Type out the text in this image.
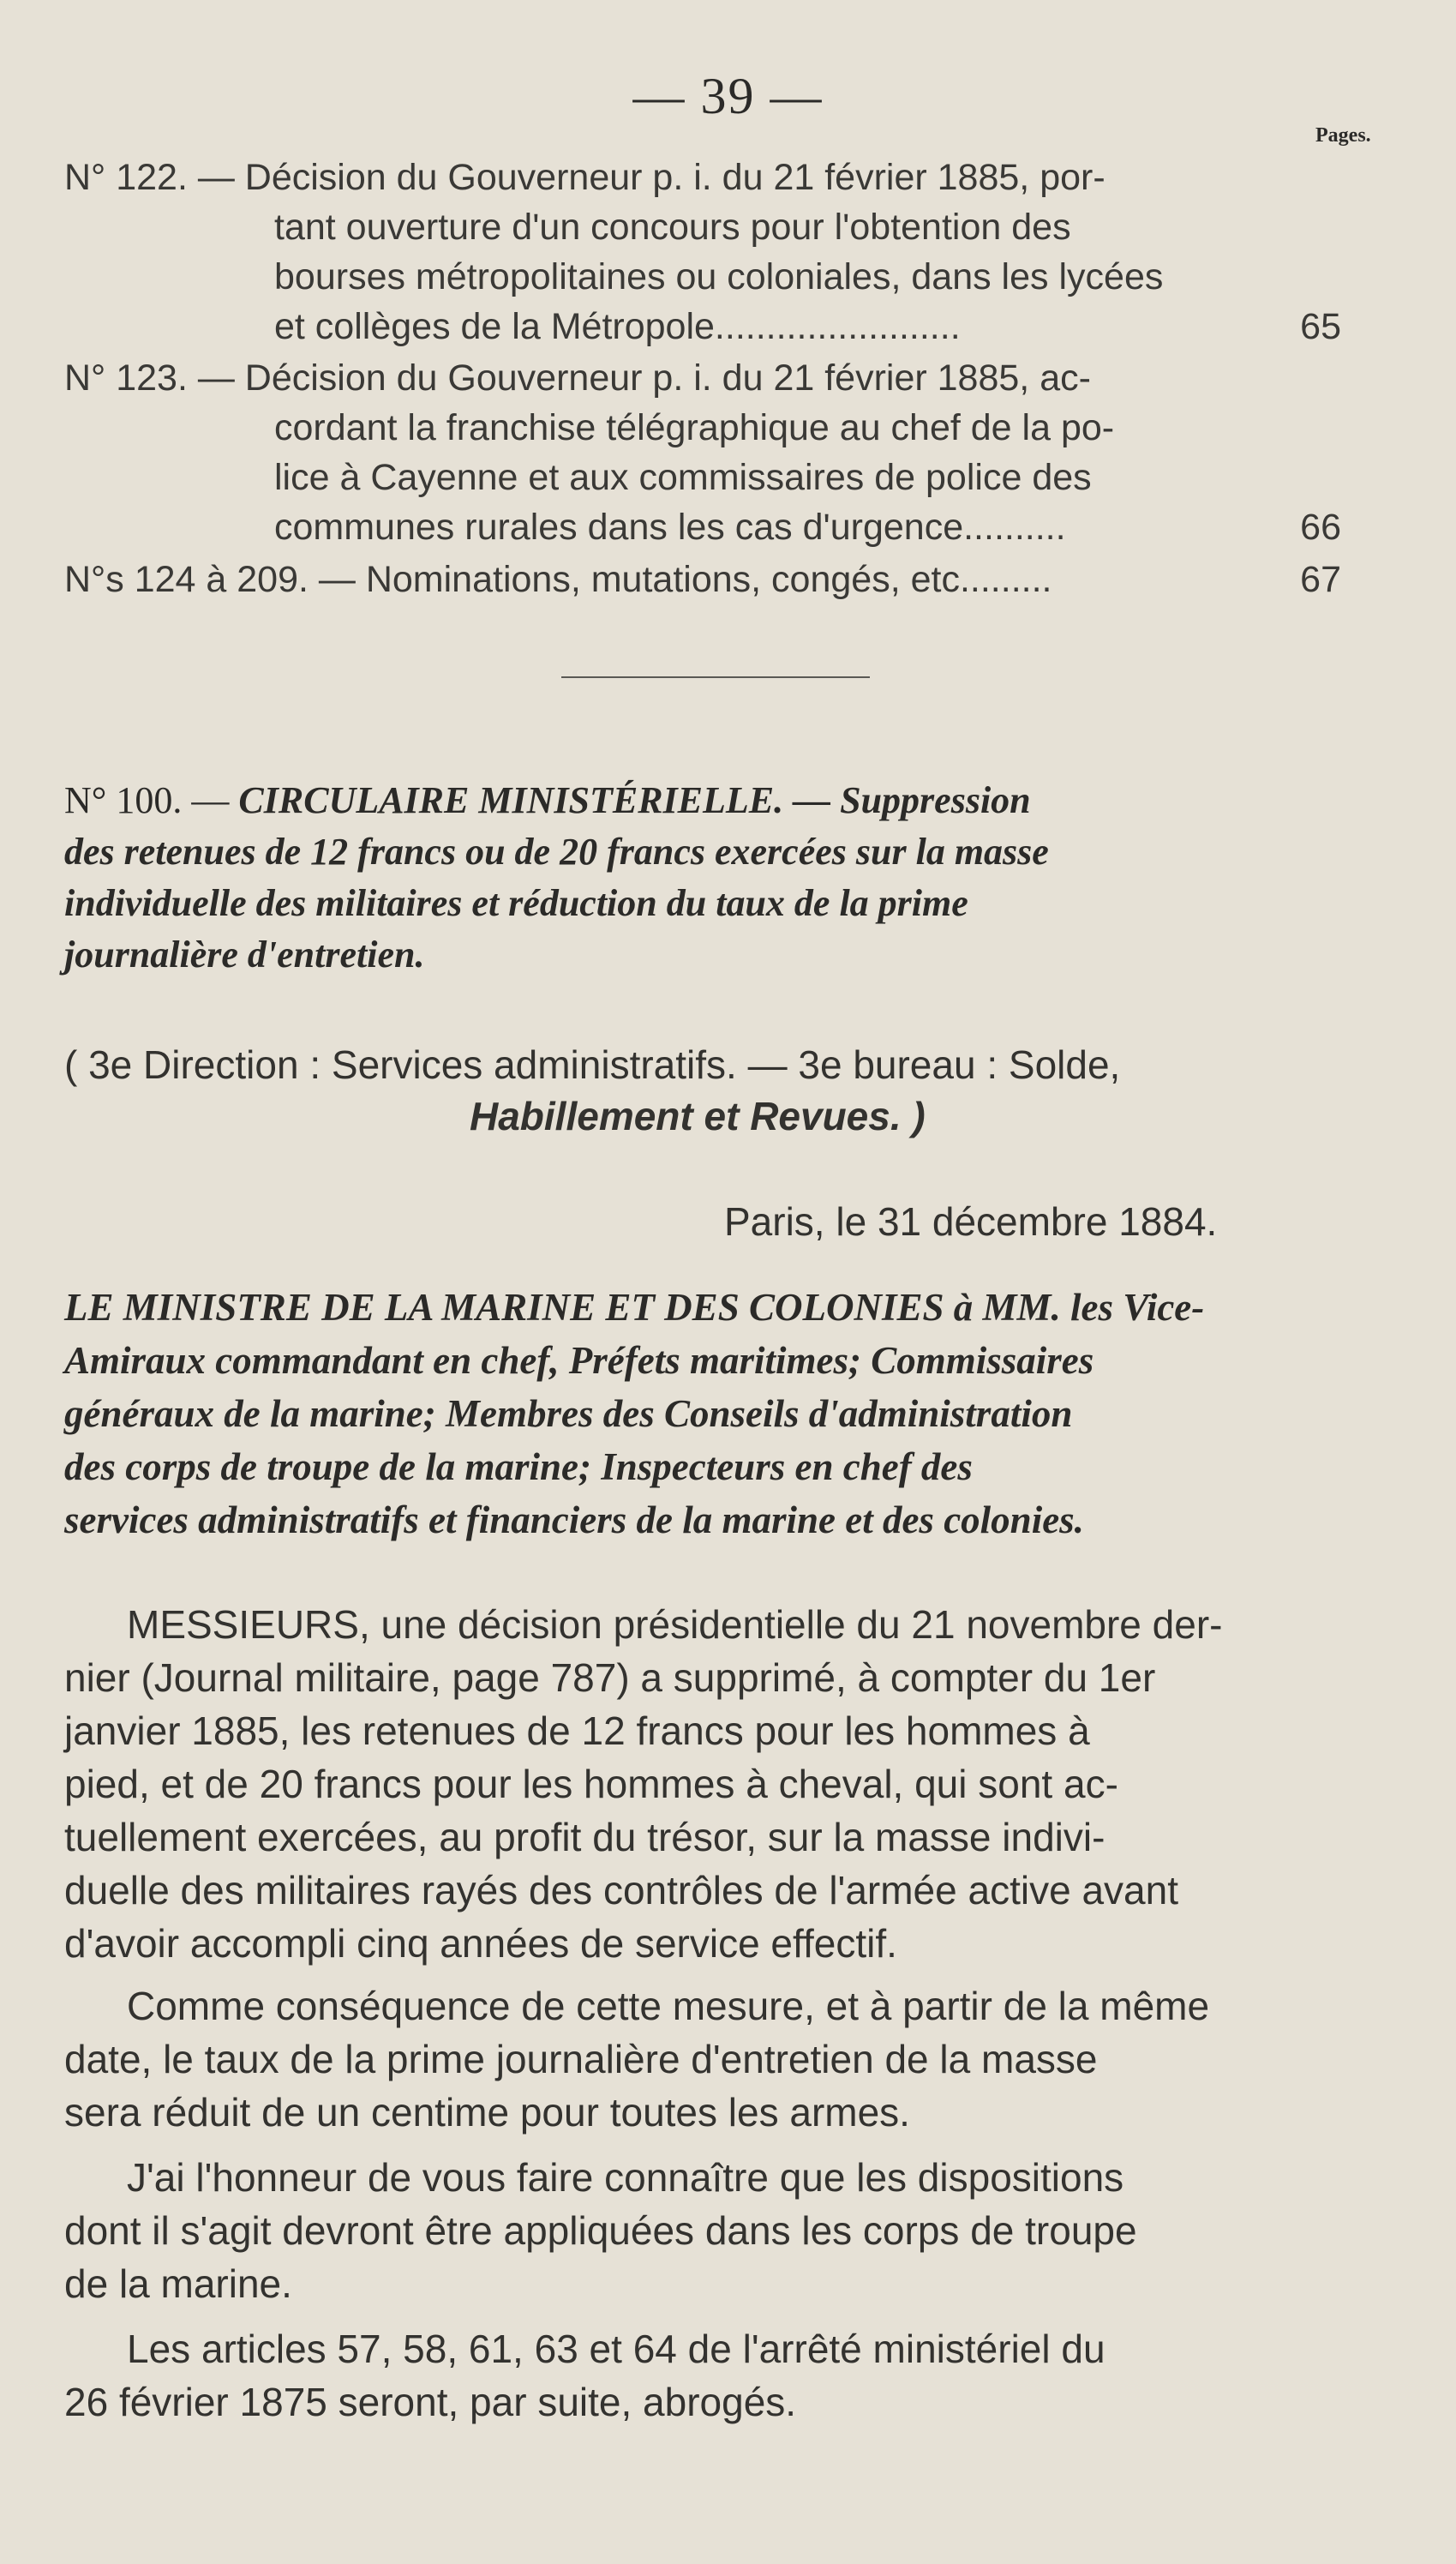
— 39 —
Pages.
N° 122. — Décision du Gouverneur p. i. du 21 février 1885, por-
tant ouverture d'un concours pour l'obtention des
bourses métropolitaines ou coloniales, dans les lycées
et collèges de la Métropole........................	65
N° 123. — Décision du Gouverneur p. i. du 21 février 1885, ac-
cordant la franchise télégraphique au chef de la po-
lice à Cayenne et aux commissaires de police des
communes rurales dans les cas d'urgence..........	66
N°s 124 à 209. — Nominations, mutations, congés, etc.........	67
N° 100. — CIRCULAIRE MINISTÉRIELLE. — Suppression
des retenues de 12 francs ou de 20 francs exercées sur la masse
individuelle des militaires et réduction du taux de la prime
journalière d'entretien.
( 3e Direction : Services administratifs. — 3e bureau : Solde,
Habillement et Revues. )
Paris, le 31 décembre 1884.
LE MINISTRE DE LA MARINE ET DES COLONIES à MM. les Vice-
Amiraux commandant en chef, Préfets maritimes; Commissaires
généraux de la marine; Membres des Conseils d'administration
des corps de troupe de la marine; Inspecteurs en chef des
services administratifs et financiers de la marine et des colonies.
MESSIEURS, une décision présidentielle du 21 novembre der-
nier (Journal militaire, page 787) a supprimé, à compter du 1er
janvier 1885, les retenues de 12 francs pour les hommes à
pied, et de 20 francs pour les hommes à cheval, qui sont ac-
tuellement exercées, au profit du trésor, sur la masse indivi-
duelle des militaires rayés des contrôles de l'armée active avant
d'avoir accompli cinq années de service effectif.
Comme conséquence de cette mesure, et à partir de la même
date, le taux de la prime journalière d'entretien de la masse
sera réduit de un centime pour toutes les armes.
J'ai l'honneur de vous faire connaître que les dispositions
dont il s'agit devront être appliquées dans les corps de troupe
de la marine.
Les articles 57, 58, 61, 63 et 64 de l'arrêté ministériel du
26 février 1875 seront, par suite, abrogés.
